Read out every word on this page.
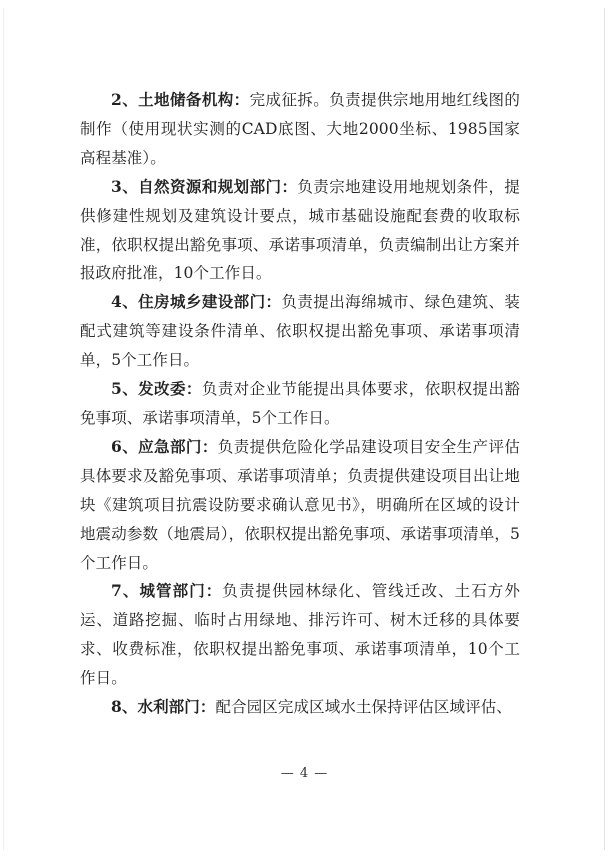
2、土地储备机构：完成征拆。负责提供宗地用地红线图的制作（使用现状实测的CAD底图、大地2000坐标、1985国家高程基准）。

3、自然资源和规划部门：负责宗地建设用地规划条件，提供修建性规划及建筑设计要点，城市基础设施配套费的收取标准，依职权提出豁免事项、承诺事项清单，负责编制出让方案并报政府批准，10个工作日。

4、住房城乡建设部门：负责提出海绵城市、绿色建筑、装配式建筑等建设条件清单、依职权提出豁免事项、承诺事项清单，5个工作日。

5、发改委：负责对企业节能提出具体要求，依职权提出豁免事项、承诺事项清单，5个工作日。

6、应急部门：负责提供危险化学品建设项目安全生产评估具体要求及豁免事项、承诺事项清单；负责提供建设项目出让地块《建筑项目抗震设防要求确认意见书》，明确所在区域的设计地震动参数（地震局），依职权提出豁免事项、承诺事项清单，5个工作日。

7、城管部门：负责提供园林绿化、管线迁改、土石方外运、道路挖掘、临时占用绿地、排污许可、树木迁移的具体要求、收费标准，依职权提出豁免事项、承诺事项清单，10个工作日。

8、水利部门：配合园区完成区域水土保持评估区域评估、

— 4 —
